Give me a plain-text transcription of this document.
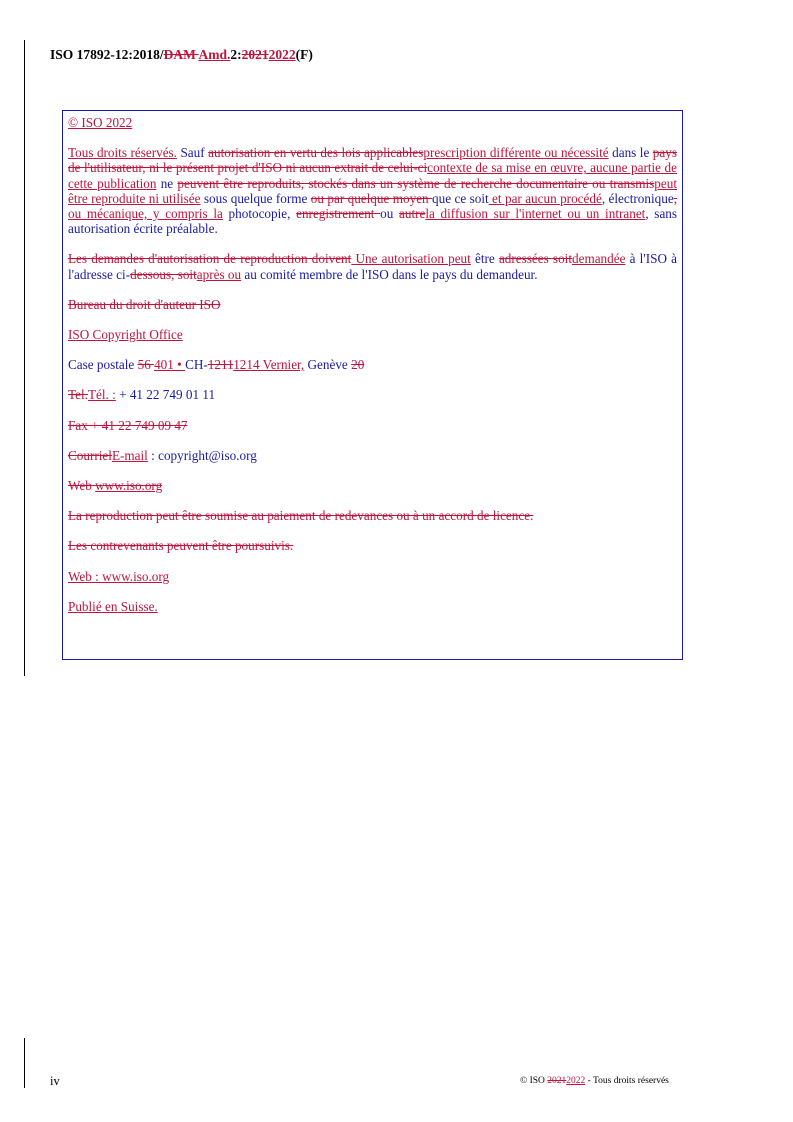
ISO 17892-12:2018/DAM Amd.2:20212022(F)

© ISO 2022

Tous droits réservés. Sauf autorisation en vertu des lois applicablesprescription différente ou nécessité dans le pays de l'utilisateur, ni le présent projet d'ISO ni aucun extrait de celui-cicontexte de sa mise en œuvre, aucune partie de cette publication ne peuvent être reproduits, stockés dans un système de recherche documentaire ou transmispeut être reproduite ni utilisée sous quelque forme ou par quelque moyen que ce soit et par aucun procédé, électronique, ou mécanique, y compris la photocopie, enregistrement ou autrela diffusion sur l'internet ou un intranet, sans autorisation écrite préalable.

Les demandes d'autorisation de reproduction doivent Une autorisation peut être adressées soitdemandée à l'ISO à l'adresse ci-dessous, soitaprès ou au comité membre de l'ISO dans le pays du demandeur.

Bureau du droit d'auteur ISO

ISO Copyright Office

Case postale 56 401 • CH-12111214 Vernier, Genève 20

Tel.Tél. : + 41 22 749 01 11

Fax + 41 22 749 09 47

CourrielE-mail : copyright@iso.org

Web www.iso.org

La reproduction peut être soumise au paiement de redevances ou à un accord de licence.

Les contrevenants peuvent être poursuivis.

Web : www.iso.org

Publié en Suisse.

iv	© ISO 20212022 - Tous droits réservés
